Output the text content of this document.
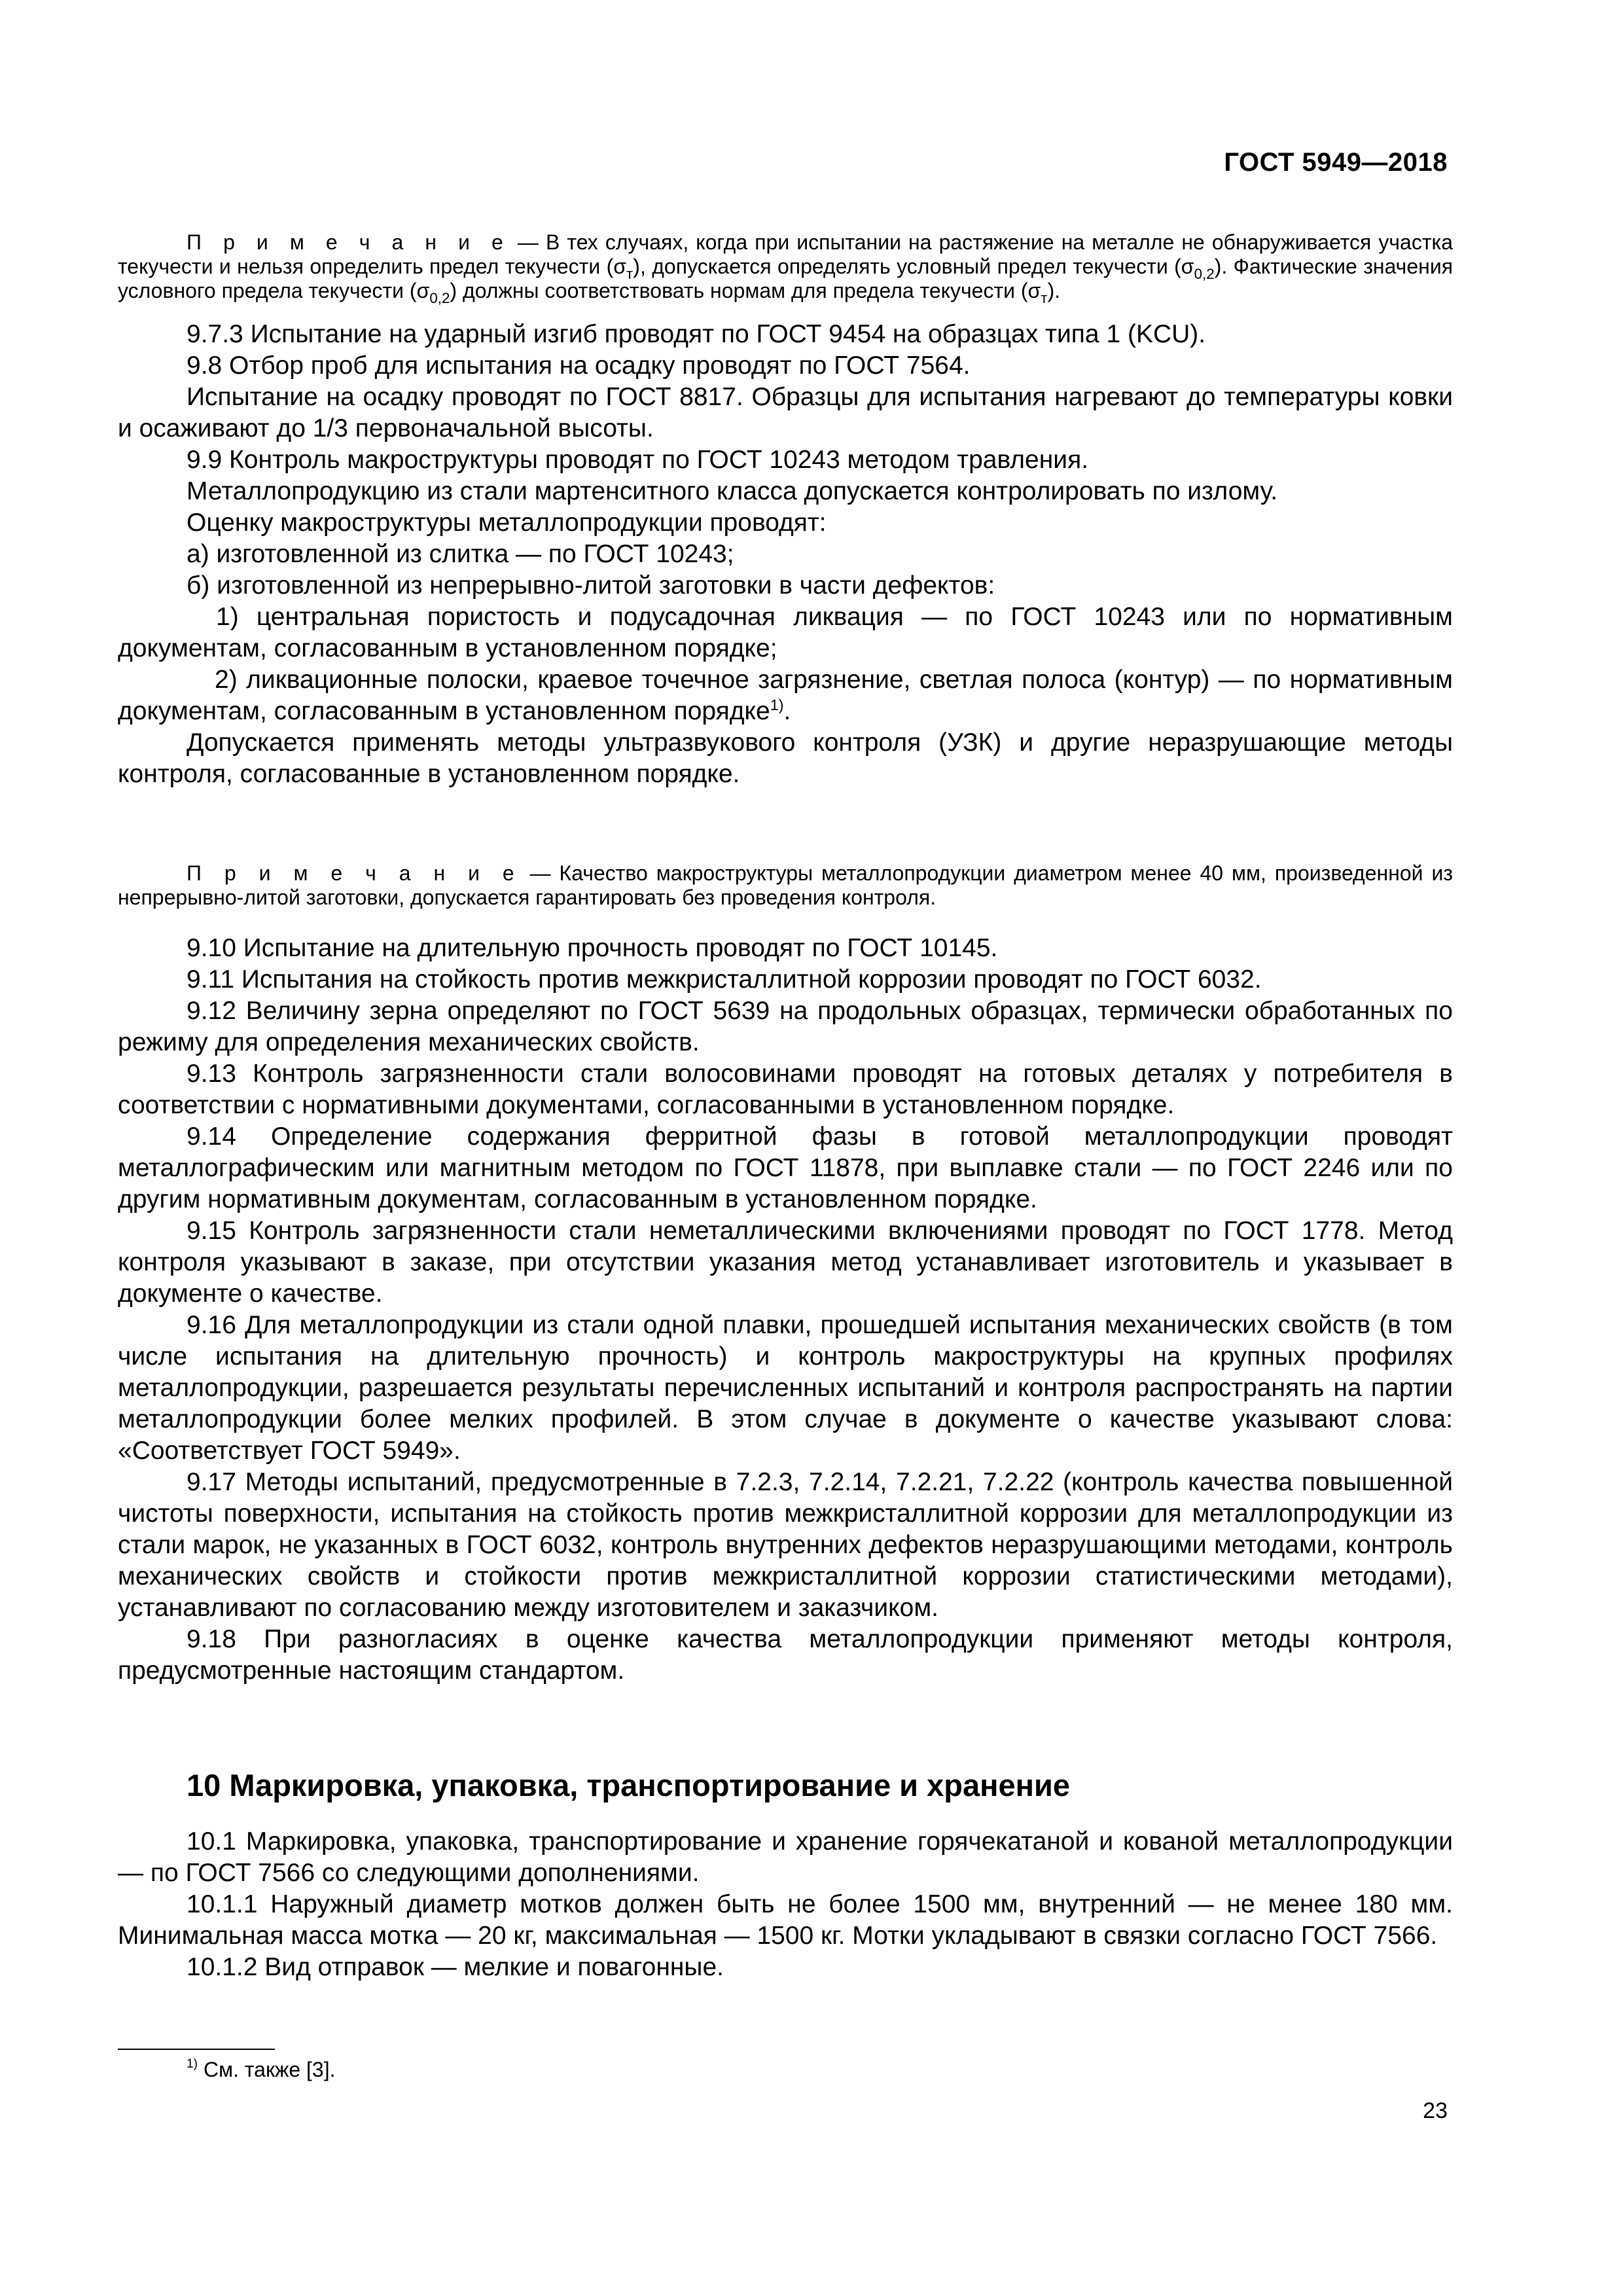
ГОСТ 5949—2018
П р и м е ч а н и е — В тех случаях, когда при испытании на растяжение на металле не обнаруживается участка текучести и нельзя определить предел текучести $(\sigma_т)$, допускается определять условный предел текучести $(\sigma_{0,2})$. Фактические значения условного предела текучести $(\sigma_{0,2})$ должны соответствовать нормам для предела текучести $(\sigma_т)$.

9.7.3 Испытание на ударный изгиб проводят по ГОСТ 9454 на образцах типа 1 (KCU).

9.8 Отбор проб для испытания на осадку проводят по ГОСТ 7564.

Испытание на осадку проводят по ГОСТ 8817. Образцы для испытания нагревают до температуры ковки и осаживают до 1/3 первоначальной высоты.

9.9 Контроль макроструктуры проводят по ГОСТ 10243 методом травления.

Металлопродукцию из стали мартенситного класса допускается контролировать по излому.

Оценку макроструктуры металлопродукции проводят:

а) изготовленной из слитка — по ГОСТ 10243;

б) изготовленной из непрерывно-литой заготовки в части дефектов:

1) центральная пористость и подусадочная ликвация — по ГОСТ 10243 или по нормативным документам, согласованным в установленном порядке;

2) ликвационные полоски, краевое точечное загрязнение, светлая полоса (контур) — по нормативным документам, согласованным в установленном порядке$^{1)}$.

Допускается применять методы ультразвукового контроля (УЗК) и другие неразрушающие методы контроля, согласованные в установленном порядке.

П р и м е ч а н и е — Качество макроструктуры металлопродукции диаметром менее 40 мм, произведенной из непрерывно-литой заготовки, допускается гарантировать без проведения контроля.

9.10 Испытание на длительную прочность проводят по ГОСТ 10145.

9.11 Испытания на стойкость против межкристаллитной коррозии проводят по ГОСТ 6032.

9.12 Величину зерна определяют по ГОСТ 5639 на продольных образцах, термически обработанных по режиму для определения механических свойств.

9.13 Контроль загрязненности стали волосовинами проводят на готовых деталях у потребителя в соответствии с нормативными документами, согласованными в установленном порядке.

9.14 Определение содержания ферритной фазы в готовой металлопродукции проводят металлографическим или магнитным методом по ГОСТ 11878, при выплавке стали — по ГОСТ 2246 или по другим нормативным документам, согласованным в установленном порядке.

9.15 Контроль загрязненности стали неметаллическими включениями проводят по ГОСТ 1778. Метод контроля указывают в заказе, при отсутствии указания метод устанавливает изготовитель и указывает в документе о качестве.

9.16 Для металлопродукции из стали одной плавки, прошедшей испытания механических свойств (в том числе испытания на длительную прочность) и контроль макроструктуры на крупных профилях металлопродукции, разрешается результаты перечисленных испытаний и контроля распространять на партии металлопродукции более мелких профилей. В этом случае в документе о качестве указывают слова: «Соответствует ГОСТ 5949».

9.17 Методы испытаний, предусмотренные в 7.2.3, 7.2.14, 7.2.21, 7.2.22 (контроль качества повышенной чистоты поверхности, испытания на стойкость против межкристаллитной коррозии для металлопродукции из стали марок, не указанных в ГОСТ 6032, контроль внутренних дефектов неразрушающими методами, контроль механических свойств и стойкости против межкристаллитной коррозии статистическими методами), устанавливают по согласованию между изготовителем и заказчиком.

9.18 При разногласиях в оценке качества металлопродукции применяют методы контроля, предусмотренные настоящим стандартом.

10 Маркировка, упаковка, транспортирование и хранение

10.1 Маркировка, упаковка, транспортирование и хранение горячекатаной и кованой металлопродукции — по ГОСТ 7566 со следующими дополнениями.

10.1.1 Наружный диаметр мотков должен быть не более 1500 мм, внутренний — не менее 180 мм. Минимальная масса мотка — 20 кг, максимальная — 1500 кг. Мотки укладывают в связки согласно ГОСТ 7566.

10.1.2 Вид отправок — мелкие и повагонные.

$^{1)}$ См. также [3].
23
